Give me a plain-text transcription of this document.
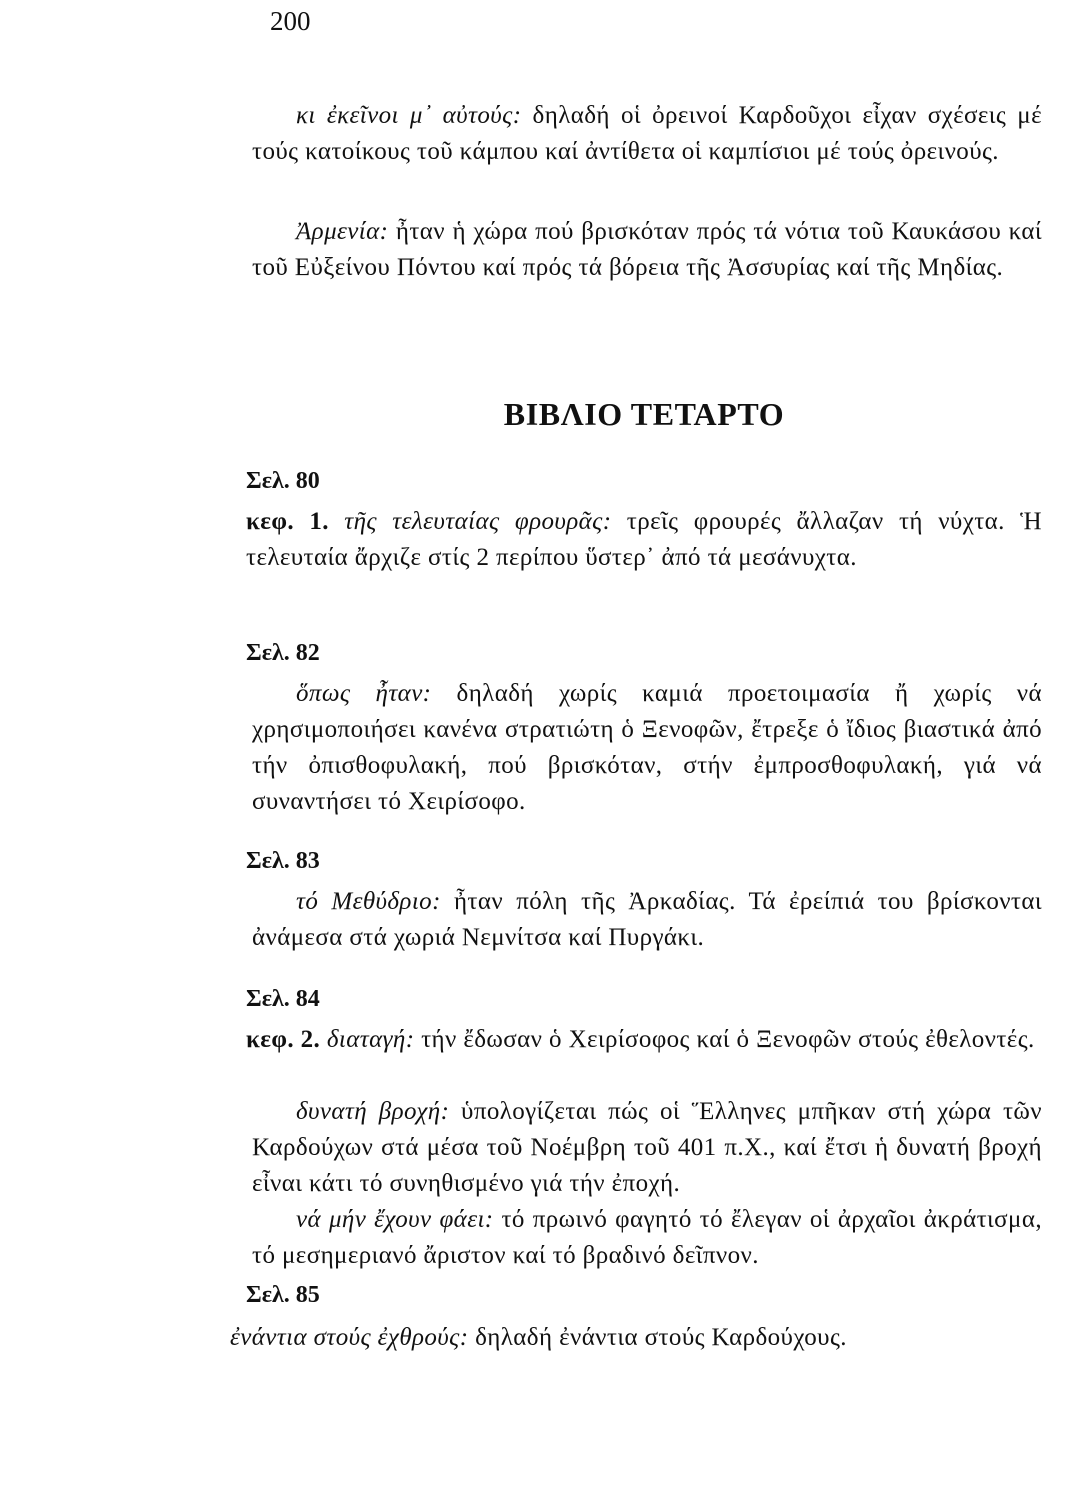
200

κι ἐκεῖνοι μ᾽ αὐτούς: δηλαδή οἱ ὀρεινοί Καρδοῦχοι εἶχαν σχέσεις μέ τούς κατοίκους τοῦ κάμπου καί ἀντίθετα οἱ καμπίσιοι μέ τούς ὀρεινούς.

Ἀρμενία: ἦταν ἡ χώρα πού βρισκόταν πρός τά νότια τοῦ Καυκάσου καί τοῦ Εὐξείνου Πόντου καί πρός τά βόρεια τῆς Ἀσσυρίας καί τῆς Μηδίας.

ΒΙΒΛΙΟ ΤΕΤΑΡΤΟ
Σελ. 80

κεφ. 1. τῆς τελευταίας φρουρᾶς: τρεῖς φρουρές ἄλλαζαν τή νύχτα. Ἡ τελευταία ἄρχιζε στίς 2 περίπου ὕστερ᾽ ἀπό τά μεσάνυχτα.

Σελ. 82

ὅπως ἦταν: δηλαδή χωρίς καμιά προετοιμασία ἤ χωρίς νά χρησιμοποιήσει κανένα στρατιώτη ὁ Ξενοφῶν, ἔτρεξε ὁ ἴδιος βιαστικά ἀπό τήν ὀπισθοφυλακή, πού βρισκόταν, στήν ἐμπροσθοφυλακή, γιά νά συναντήσει τό Χειρίσοφο.

Σελ. 83

τό Μεθύδριο: ἦταν πόλη τῆς Ἀρκαδίας. Τά ἐρείπιά του βρίσκονται ἀνάμεσα στά χωριά Νεμνίτσα καί Πυργάκι.

Σελ. 84

κεφ. 2. διαταγή: τήν ἔδωσαν ὁ Χειρίσοφος καί ὁ Ξενοφῶν στούς ἐθελοντές.

δυνατή βροχή: ὑπολογίζεται πώς οἱ Ἕλληνες μπῆκαν στή χώρα τῶν Καρδούχων στά μέσα τοῦ Νοέμβρη τοῦ 401 π.Χ., καί ἔτσι ἡ δυνατή βροχή εἶναι κάτι τό συνηθισμένο γιά τήν ἐποχή.

νά μήν ἔχουν φάει: τό πρωινό φαγητό τό ἔλεγαν οἱ ἀρχαῖοι ἀκράτισμα, τό μεσημεριανό ἄριστον καί τό βραδινό δεῖπνον.

Σελ. 85

ἐνάντια στούς ἐχθρούς: δηλαδή ἐνάντια στούς Καρδούχους.
